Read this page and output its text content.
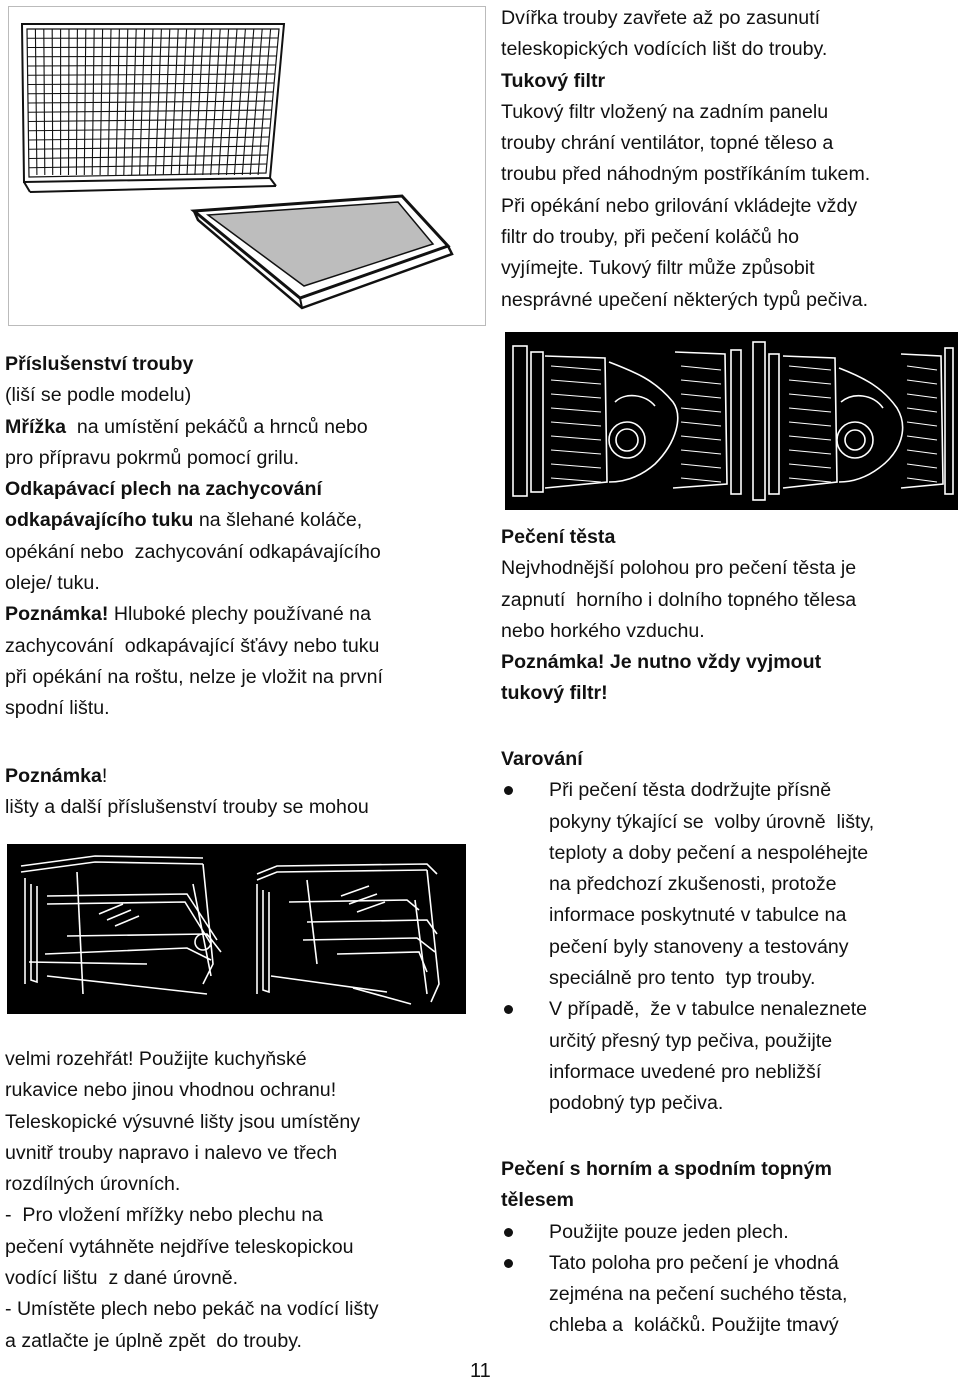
Dvířka trouby zavřete až po zasunutí
teleskopických vodících lišt do trouby.
Tukový filtr
Tukový filtr vložený na zadním panelu
trouby chrání ventilátor, topné těleso a
troubu před náhodným postříkáním tukem.
Při opékání nebo grilování vkládejte vždy
filtr do trouby, při pečení koláčů ho
vyjímejte. Tukový filtr může způsobit
nesprávné upečení některých typů pečiva.
Příslušenství trouby
(liší se podle modelu)
Mřížka  na umístění pekáčů a hrnců nebo
pro přípravu pokrmů pomocí grilu.
Odkapávací plech na zachycování
odkapávajícího tuku na šlehané koláče,
opékání nebo  zachycování odkapávajícího
oleje/ tuku.
Poznámka! Hluboké plechy používané na
zachycování  odkapávající šťávy nebo tuku
při opékání na roštu, nelze je vložit na první
spodní lištu.
Poznámka!
lišty a další příslušenství trouby se mohou
velmi rozehřát! Použijte kuchyňské
rukavice nebo jinou vhodnou ochranu!
Teleskopické výsuvné lišty jsou umístěny
uvnitř trouby napravo i nalevo ve třech
rozdílných úrovních.
-  Pro vložení mřížky nebo plechu na
pečení vytáhněte nejdříve teleskopickou
vodící lištu  z dané úrovně.
- Umístěte plech nebo pekáč na vodící lišty
a zatlačte je úplně zpět  do trouby.
Pečení těsta
Nejvhodnější polohou pro pečení těsta je
zapnutí  horního i dolního topného tělesa
nebo horkého vzduchu.
Poznámka! Je nutno vždy vyjmout
tukový filtr!
Varování
Při pečení těsta dodržujte přísně
pokyny týkající se  volby úrovně  lišty,
teploty a doby pečení a nespoléhejte
na předchozí zkušenosti, protože
informace poskytnuté v tabulce na
pečení byly stanoveny a testovány
speciálně pro tento  typ trouby.
V případě,  že v tabulce nenaleznete
určitý přesný typ pečiva, použijte
informace uvedené pro nebližší
podobný typ pečiva.
Pečení s horním a spodním topným
tělesem
Použijte pouze jeden plech.
Tato poloha pro pečení je vhodná
zejména na pečení suchého těsta,
chleba a  koláčků. Použijte tmavý
11
